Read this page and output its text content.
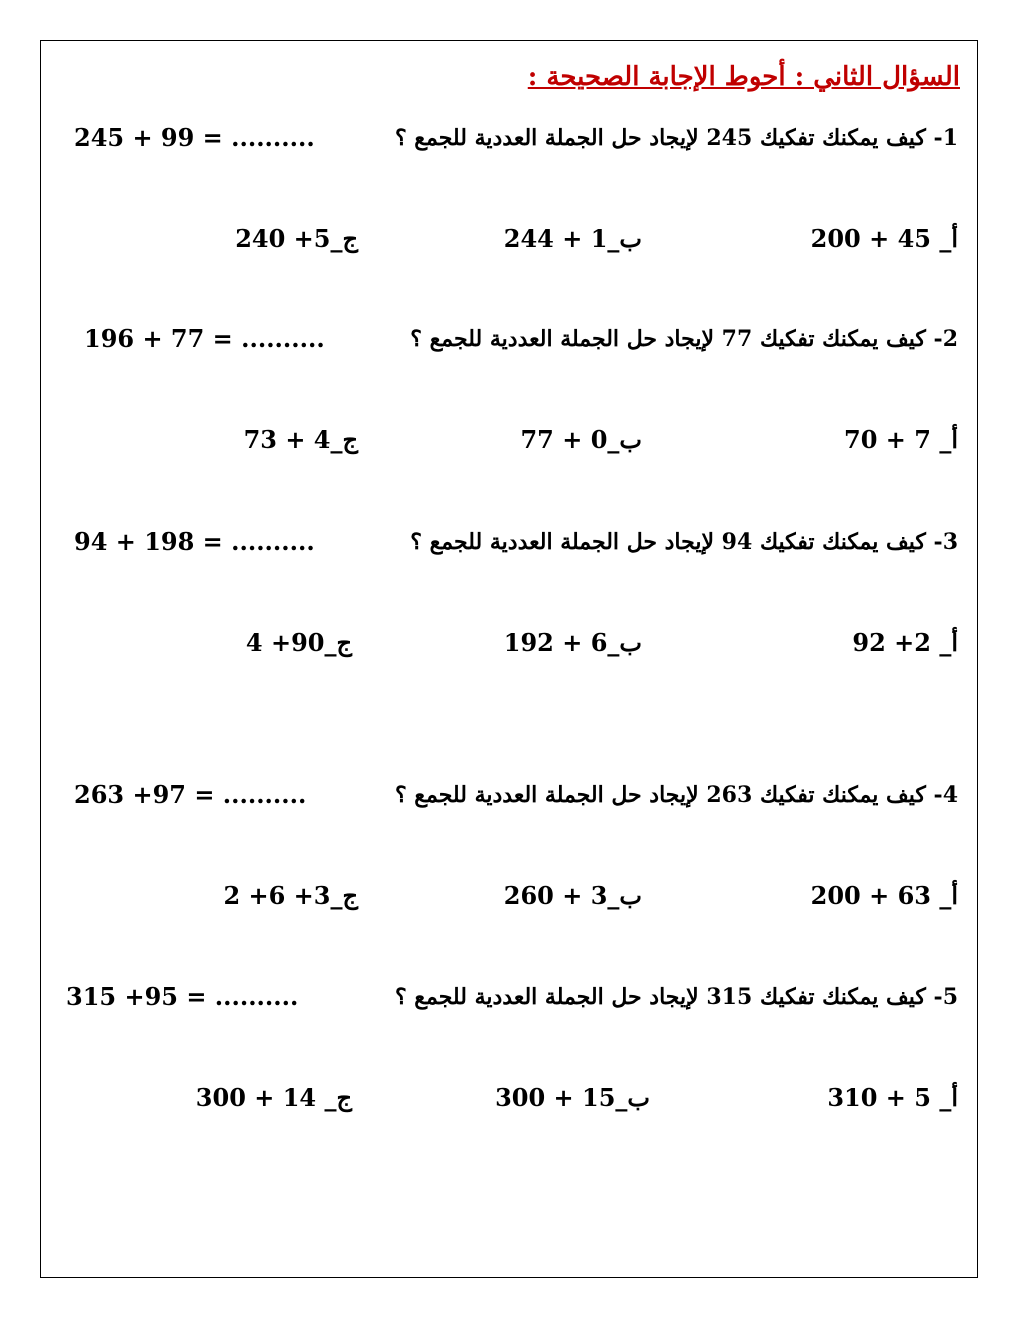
السؤال الثاني : أحوط الإجابة الصحيحة :
1- كيف يمكنك تفكيك 245 لإيجاد حل الجملة العددية للجمع ؟
245 + 99 = ..........
أ_ 45 + 200
ب_1 + 244
ج_5+ 240
2- كيف يمكنك تفكيك 77 لإيجاد حل الجملة العددية للجمع ؟
196 + 77 = ..........
أ_ 7 + 70
ب_0 + 77
ج_4 + 73
3- كيف يمكنك تفكيك 94 لإيجاد حل الجملة العددية للجمع ؟
94 + 198 = ..........
أ_ 2+ 92
ب_6 + 192
ج_90+ 4
4- كيف يمكنك تفكيك 263 لإيجاد حل الجملة العددية للجمع ؟
263 +97 = ..........
أ_ 63 + 200
ب_3 + 260
ج_3+ 6+ 2
5- كيف يمكنك تفكيك 315 لإيجاد حل الجملة العددية للجمع ؟
315 +95 = ..........
أ_ 5 + 310
ب_15 + 300
ج_ 14 + 300
